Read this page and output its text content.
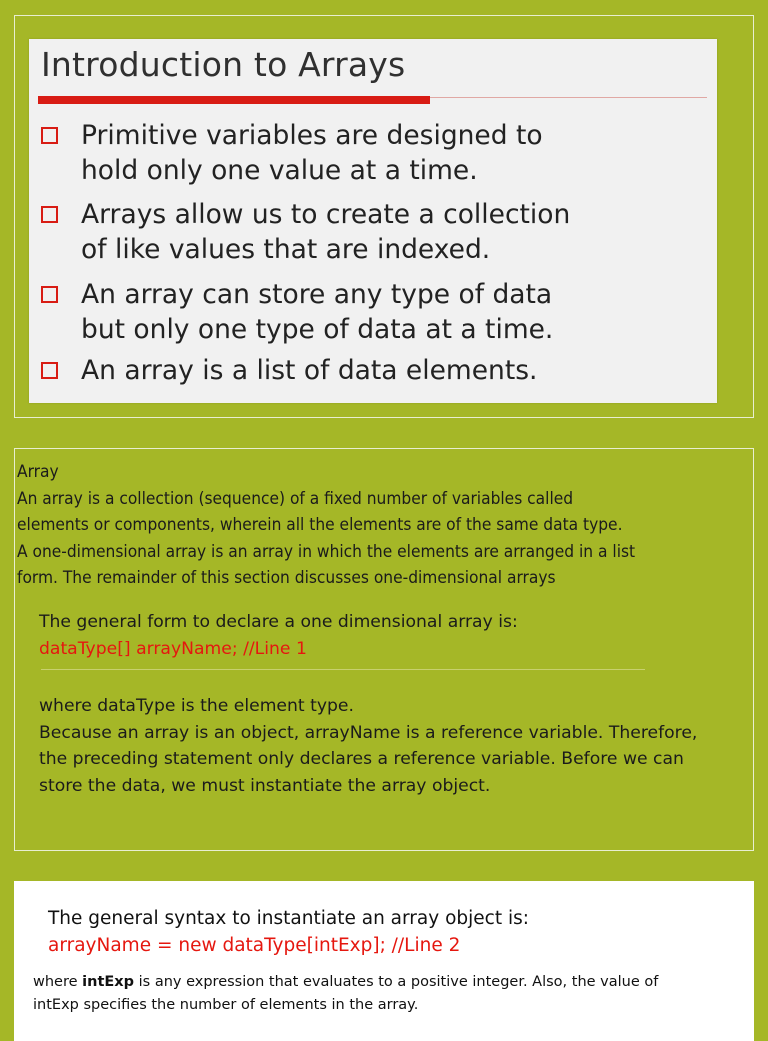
Introduction to Arrays
Primitive variables are designed to
hold only one value at a time.
Arrays allow us to create a collection
of like values that are indexed.
An array can store any type of data
but only one type of data at a time.
An array is a list of data elements.
Array
An array is a collection (sequence) of a fixed number of variables called
elements or components, wherein all the elements are of the same data type.
A one-dimensional array is an array in which the elements are arranged in a list
form. The remainder of this section discusses one-dimensional arrays
The general form to declare a one dimensional array is:
dataType[] arrayName; //Line 1
where dataType is the element type.
Because an array is an object, arrayName is a reference variable. Therefore,
the preceding statement only declares a reference variable. Before we can
store the data, we must instantiate the array object.
The general syntax to instantiate an array object is:
arrayName = new dataType[intExp]; //Line 2
where intExp is any expression that evaluates to a positive integer. Also, the value of
intExp specifies the number of elements in the array.
